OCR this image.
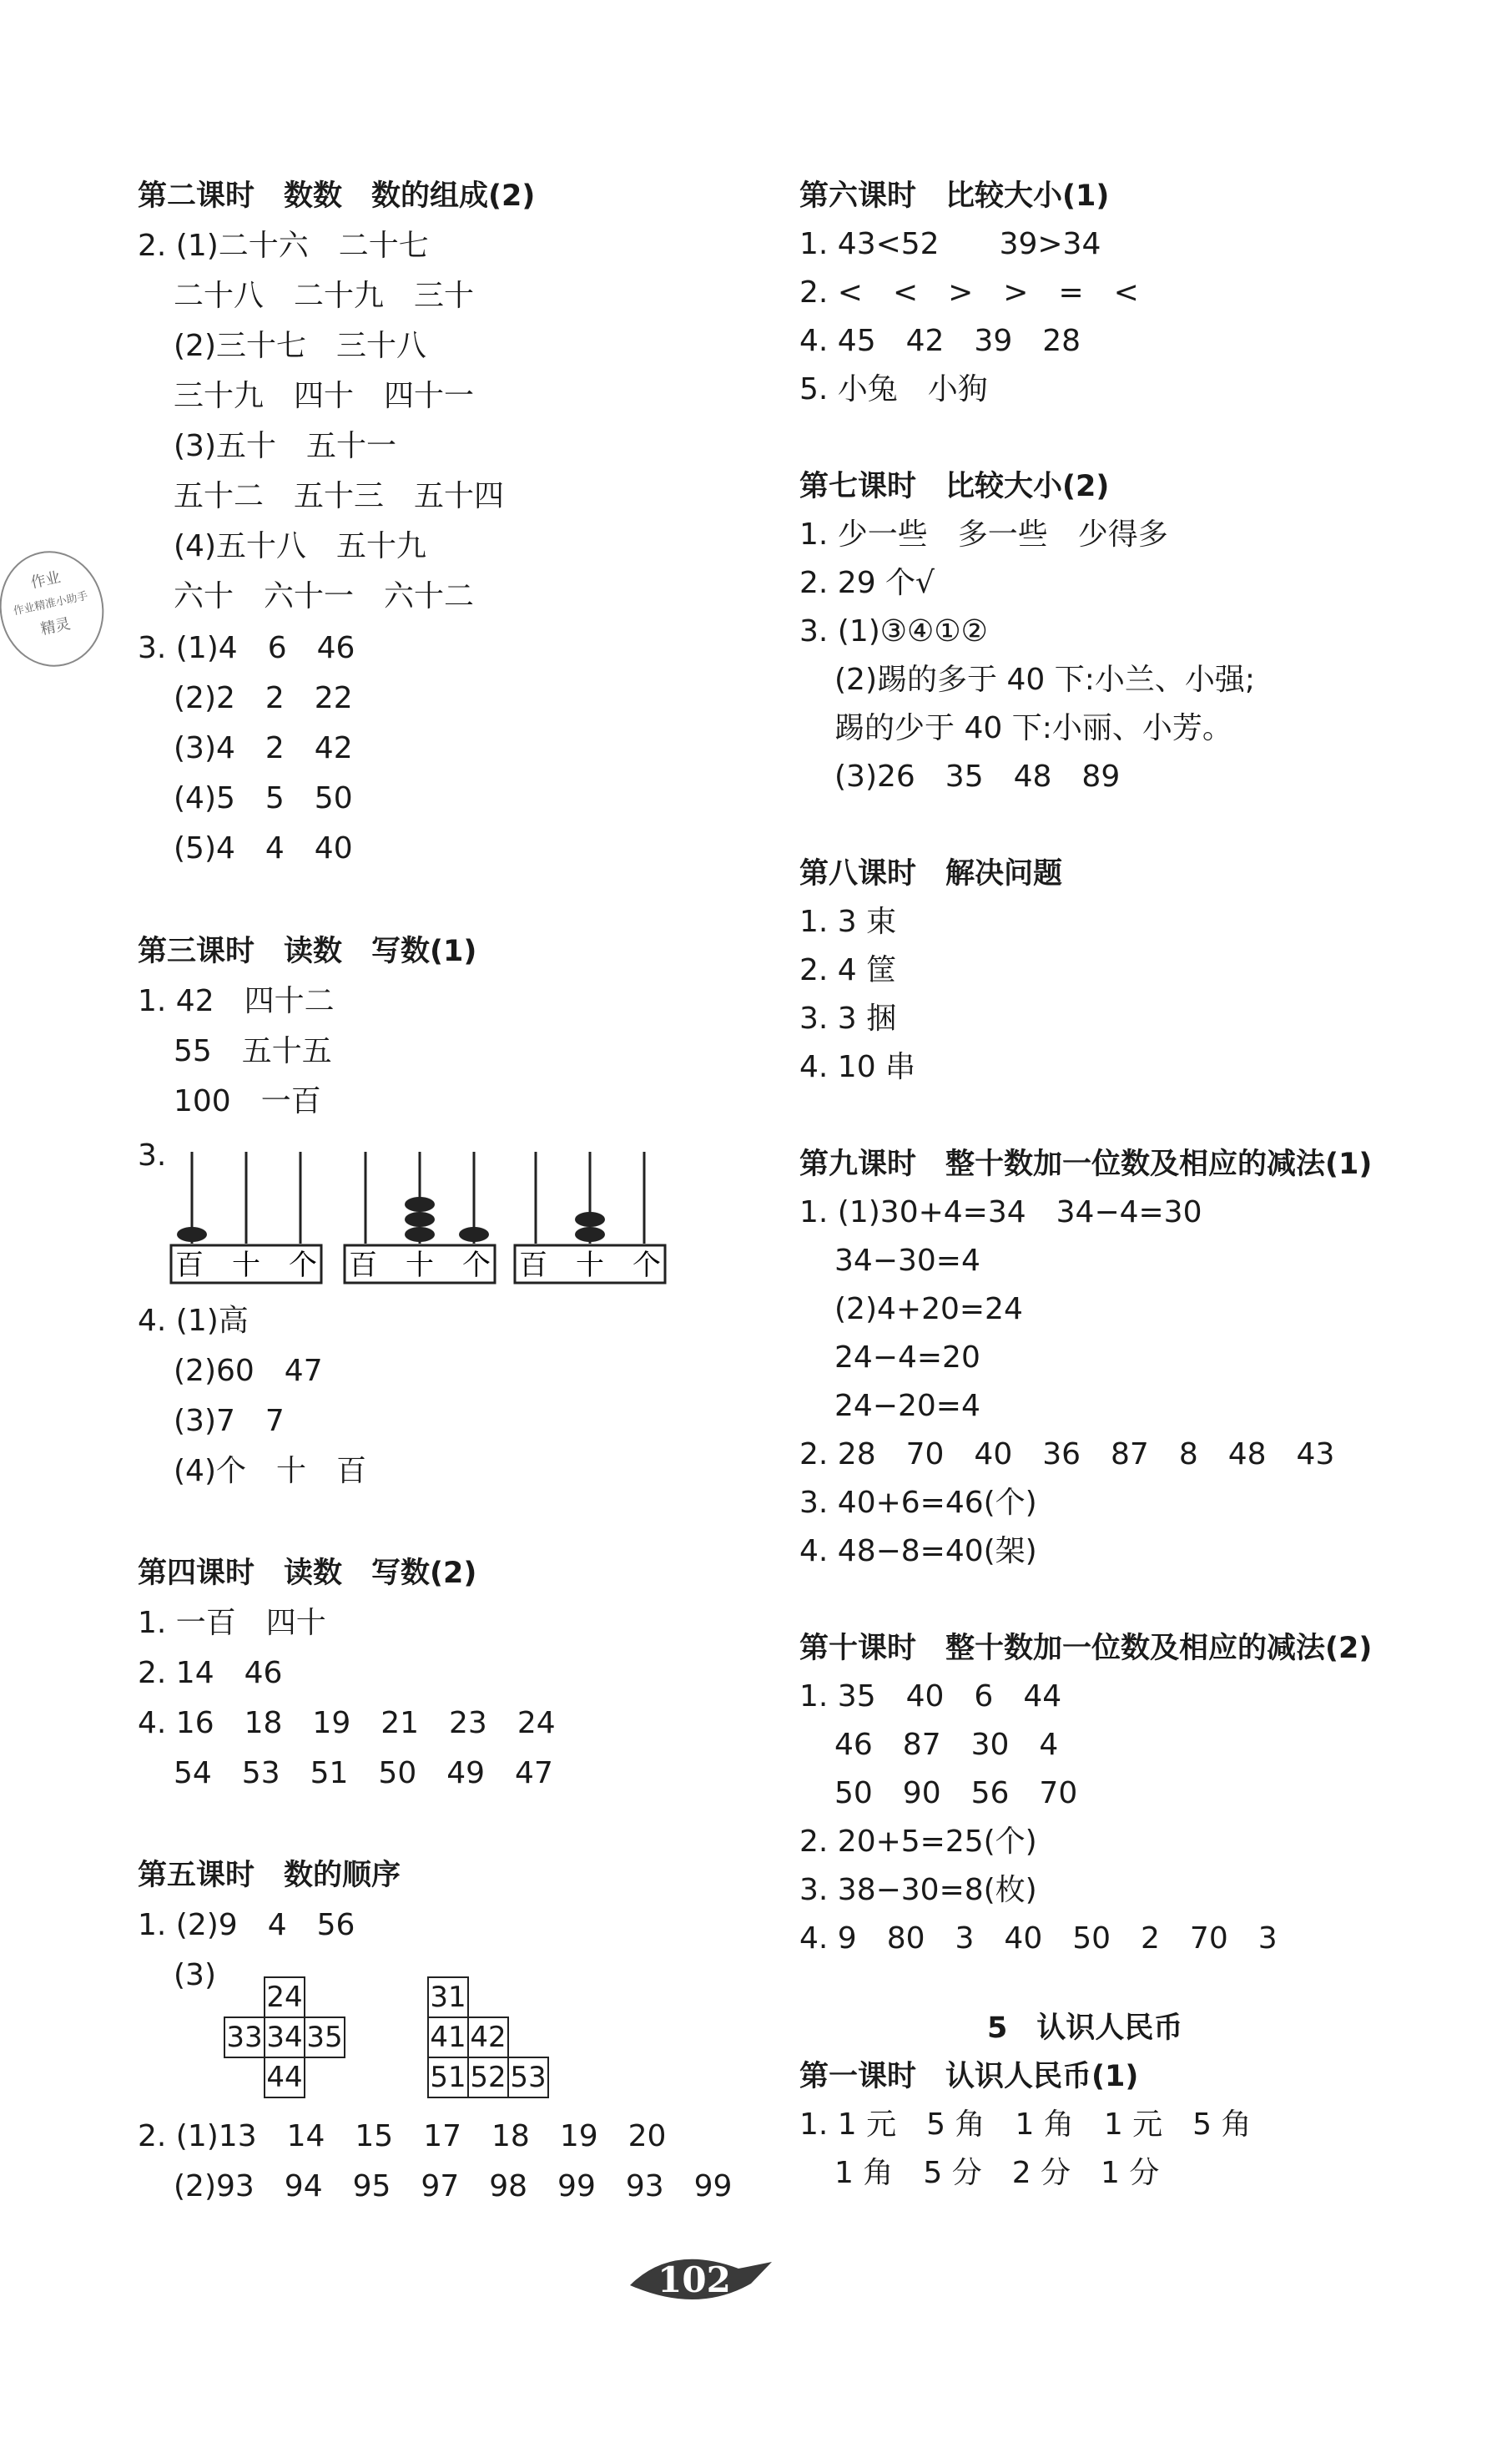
作业
作业精准小助手
精灵
第二课时　数数　数的组成(2)
2. (1)二十六　二十七
二十八　二十九　三十
(2)三十七　三十八
三十九　四十　四十一
(3)五十　五十一
五十二　五十三　五十四
(4)五十八　五十九
六十　六十一　六十二
3. (1)4　6　46
(2)2　2　22
(3)4　2　42
(4)5　5　50
(5)4　4　40
第三课时　读数　写数(1)
1. 42　四十二
55　五十五
100　一百
3.
百　十　个 百　十　个 百　十　个
4. (1)高
(2)60　47
(3)7　7
(4)个　十　百
第四课时　读数　写数(2)
1. 一百　四十
2. 14　46
4. 16　18　19　21　23　24
54　53　51　50　49　47
第五课时　数的顺序
1. (2)9　4　56
(3)
	24	
33	34	35
	44	
31		
41	42	
51	52	53
2. (1)13　14　15　17　18　19　20
(2)93　94　95　97　98　99　93　99
第六课时　比较大小(1)
1. 43<52　　39>34
2. <　<　>　>　=　<
4. 45　42　39　28
5. 小兔　小狗
第七课时　比较大小(2)
1. 少一些　多一些　少得多
2. 29 个√
3. (1)③④①②
(2)踢的多于 40 下:小兰、小强;
踢的少于 40 下:小丽、小芳。
(3)26　35　48　89
第八课时　解决问题
1. 3 束
2. 4 筐
3. 3 捆
4. 10 串
第九课时　整十数加一位数及相应的减法(1)
1. (1)30+4=34　34−4=30
34−30=4
(2)4+20=24
24−4=20
24−20=4
2. 28　70　40　36　87　8　48　43
3. 40+6=46(个)
4. 48−8=40(架)
第十课时　整十数加一位数及相应的减法(2)
1. 35　40　6　44
46　87　30　4
50　90　56　70
2. 20+5=25(个)
3. 38−30=8(枚)
4. 9　80　3　40　50　2　70　3
5　认识人民币
第一课时　认识人民币(1)
1. 1 元　5 角　1 角　1 元　5 角
1 角　5 分　2 分　1 分
102
